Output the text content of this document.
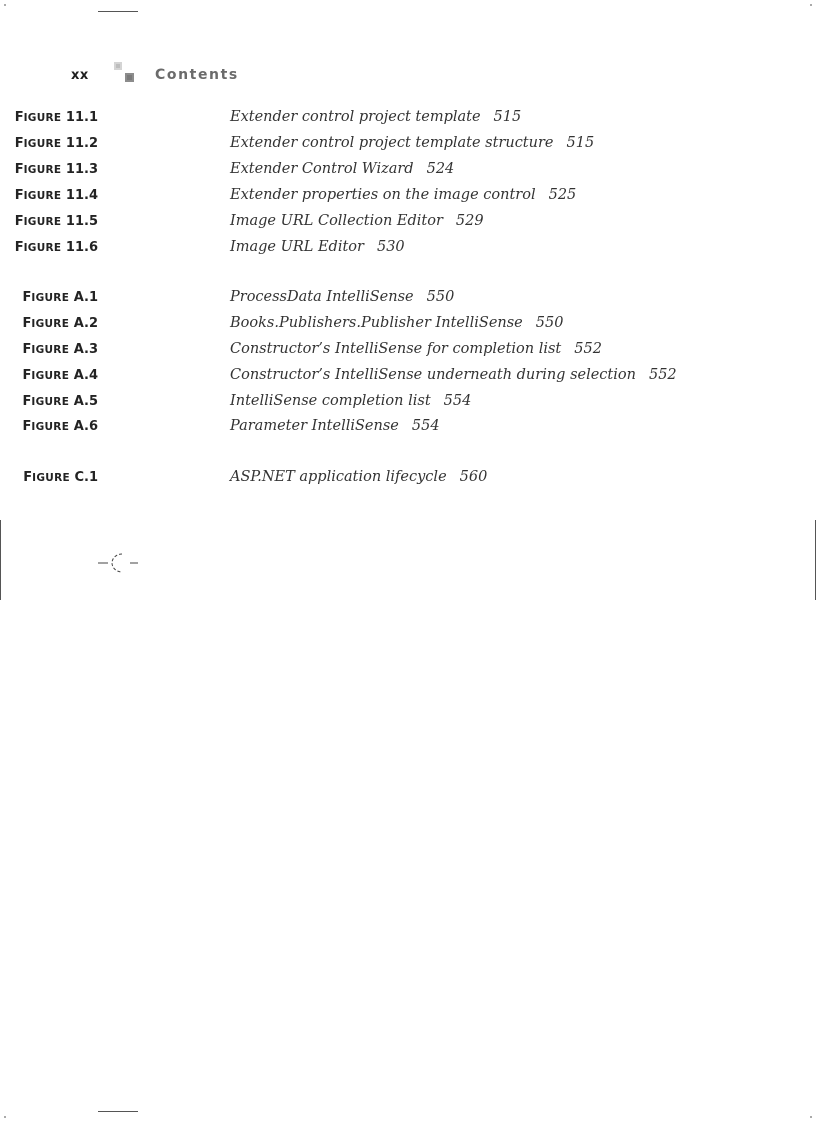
xx	Contents
FIGURE 11.1	Extender control project template 515
FIGURE 11.2	Extender control project template structure 515
FIGURE 11.3	Extender Control Wizard 524
FIGURE 11.4	Extender properties on the image control 525
FIGURE 11.5	Image URL Collection Editor 529
FIGURE 11.6	Image URL Editor 530
FIGURE A.1	ProcessData IntelliSense 550
FIGURE A.2	Books.Publishers.Publisher IntelliSense 550
FIGURE A.3	Constructor’s IntelliSense for completion list 552
FIGURE A.4	Constructor’s IntelliSense underneath during selection 552
FIGURE A.5	IntelliSense completion list 554
FIGURE A.6	Parameter IntelliSense 554
FIGURE C.1	ASP.NET application lifecycle 560
